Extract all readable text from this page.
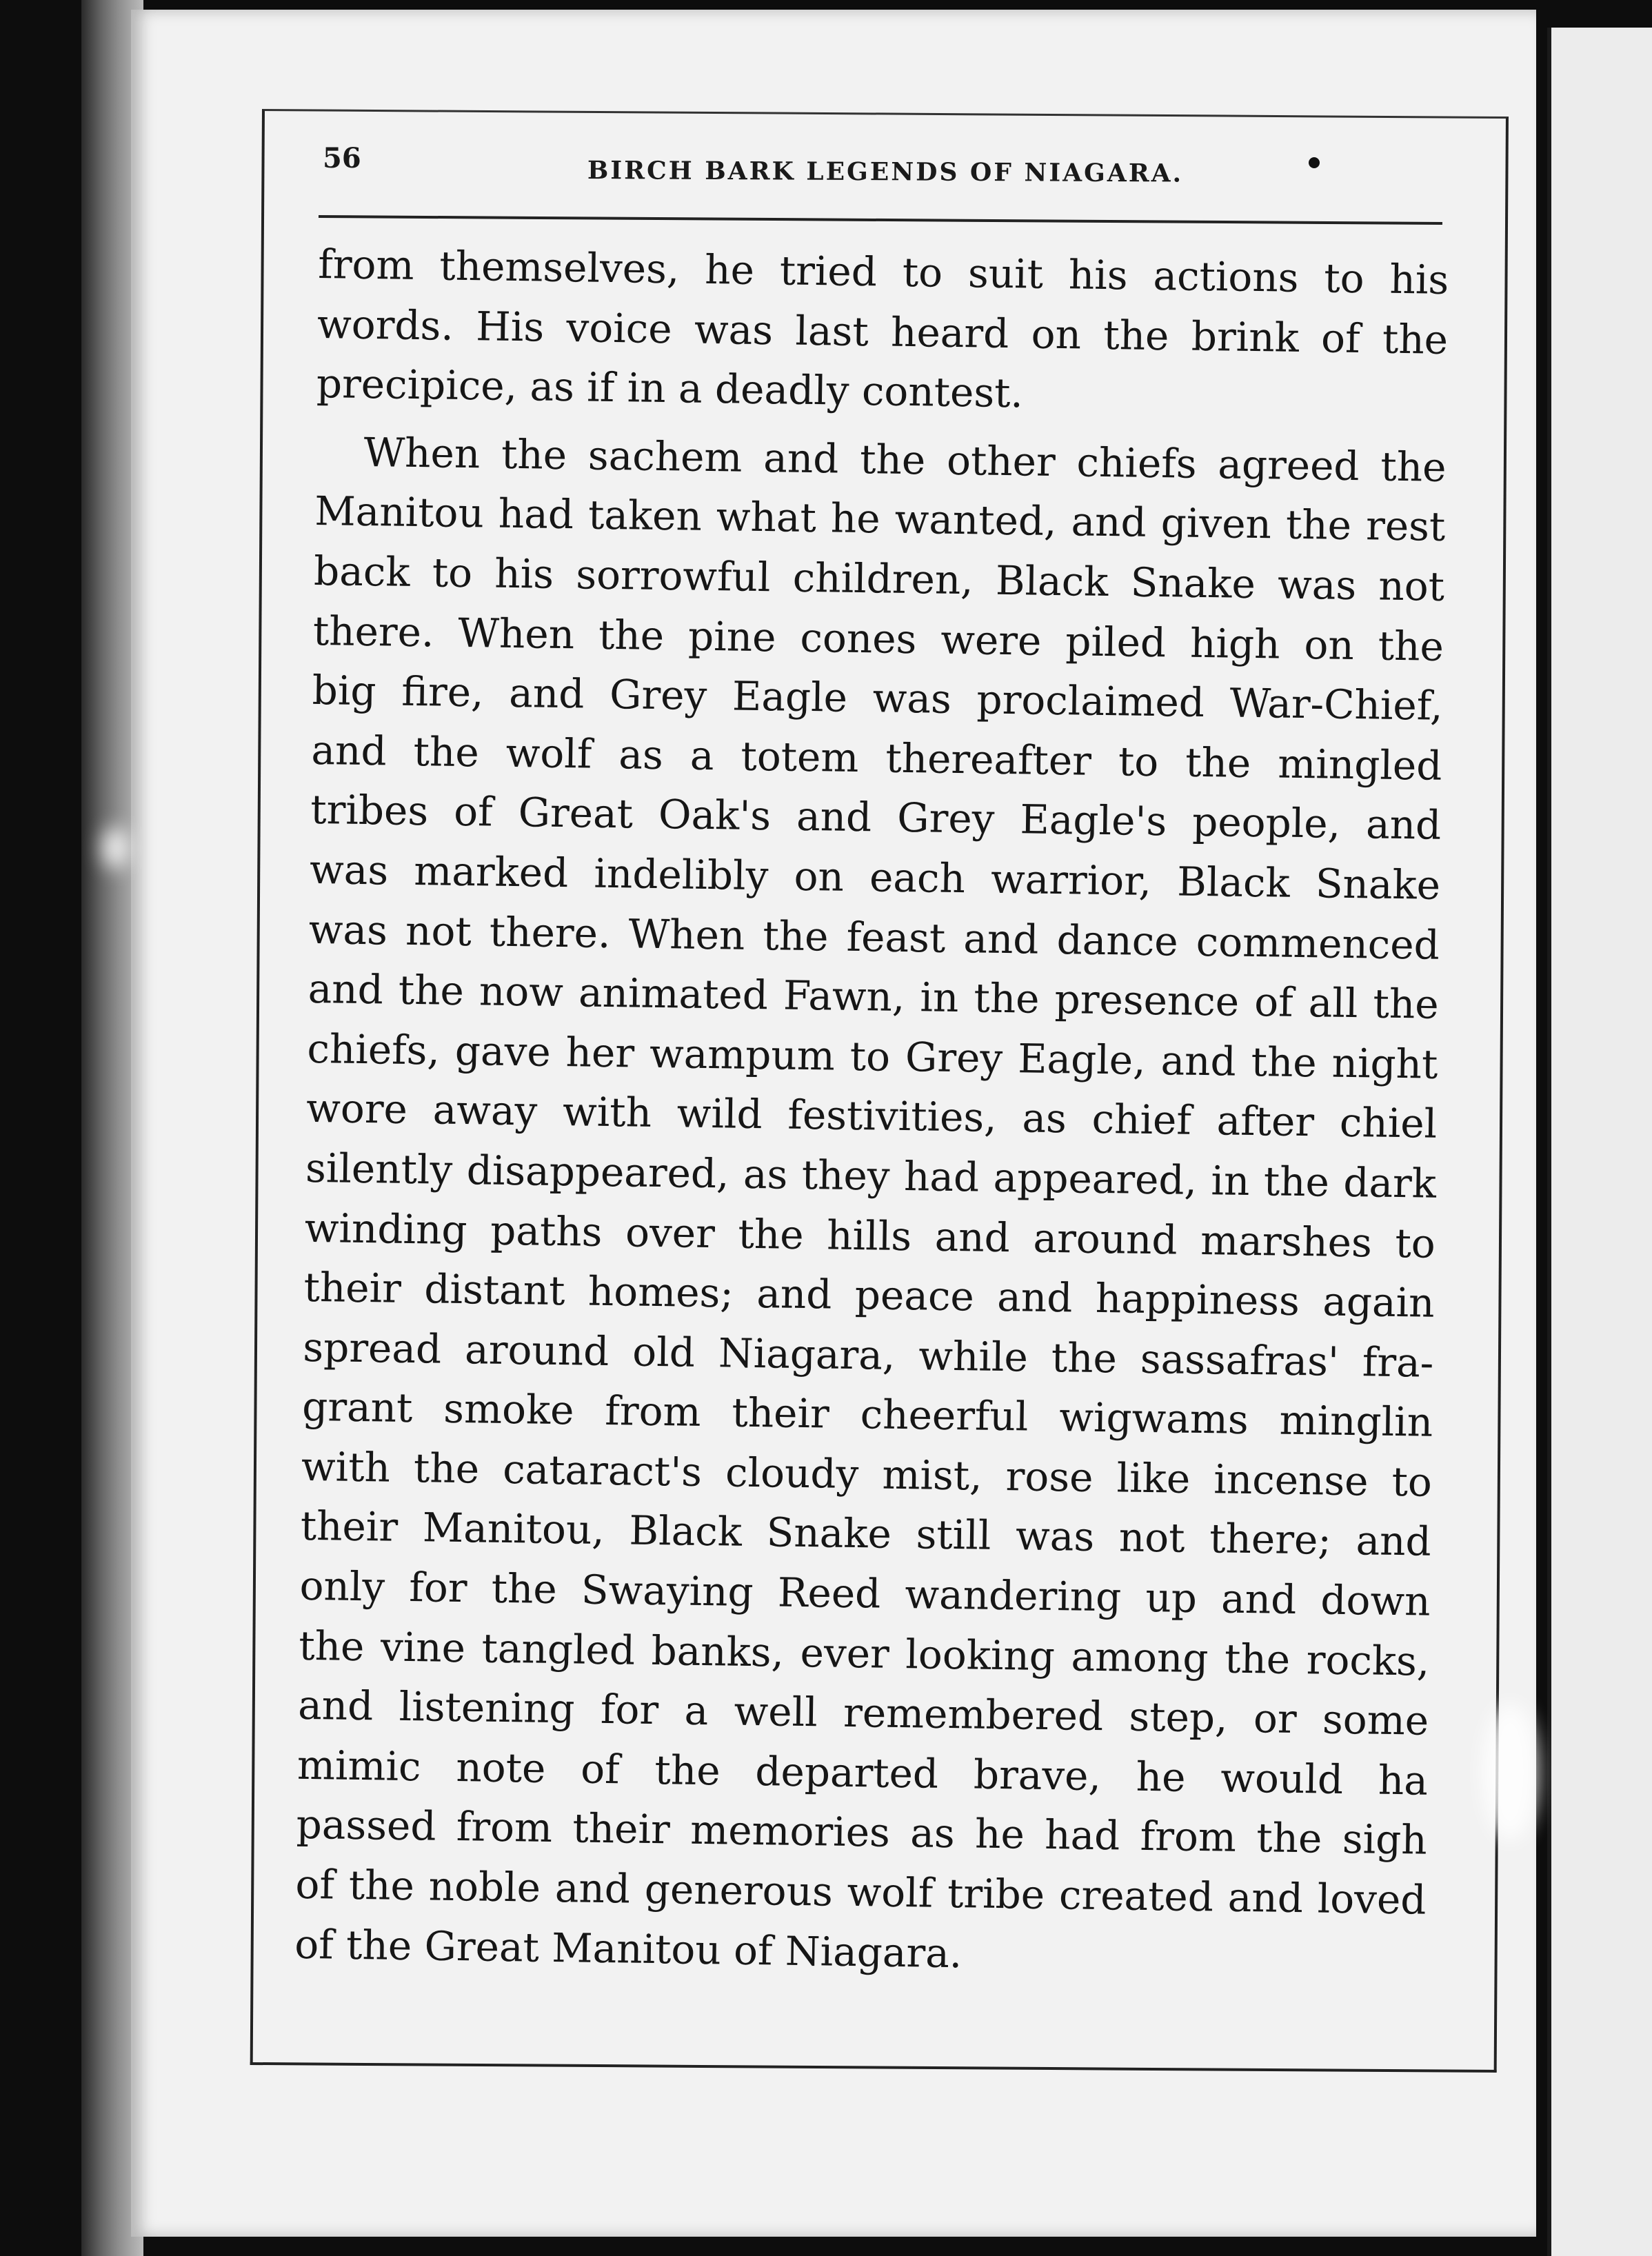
56	BIRCH BARK LEGENDS OF NIAGARA.
from themselves, he tried to suit his actions to his
words. His voice was last heard on the brink of the
precipice, as if in a deadly contest.
When the sachem and the other chiefs agreed the
Manitou had taken what he wanted, and given the rest
back to his sorrowful children, Black Snake was not
there. When the pine cones were piled high on the
big fire, and Grey Eagle was proclaimed War-Chief,
and the wolf as a totem thereafter to the mingled
tribes of Great Oak's and Grey Eagle's people, and
was marked indelibly on each warrior, Black Snake
was not there. When the feast and dance commenced
and the now animated Fawn, in the presence of all the
chiefs, gave her wampum to Grey Eagle, and the night
wore away with wild festivities, as chief after chiel
silently disappeared, as they had appeared, in the dark
winding paths over the hills and around marshes to
their distant homes; and peace and happiness again
spread around old Niagara, while the sassafras' fra-
grant smoke from their cheerful wigwams minglin
with the cataract's cloudy mist, rose like incense to
their Manitou, Black Snake still was not there; and
only for the Swaying Reed wandering up and down
the vine tangled banks, ever looking among the rocks,
and listening for a well remembered step, or some
mimic note of the departed brave, he would ha
passed from their memories as he had from the sigh
of the noble and generous wolf tribe created and loved
of the Great Manitou of Niagara.
